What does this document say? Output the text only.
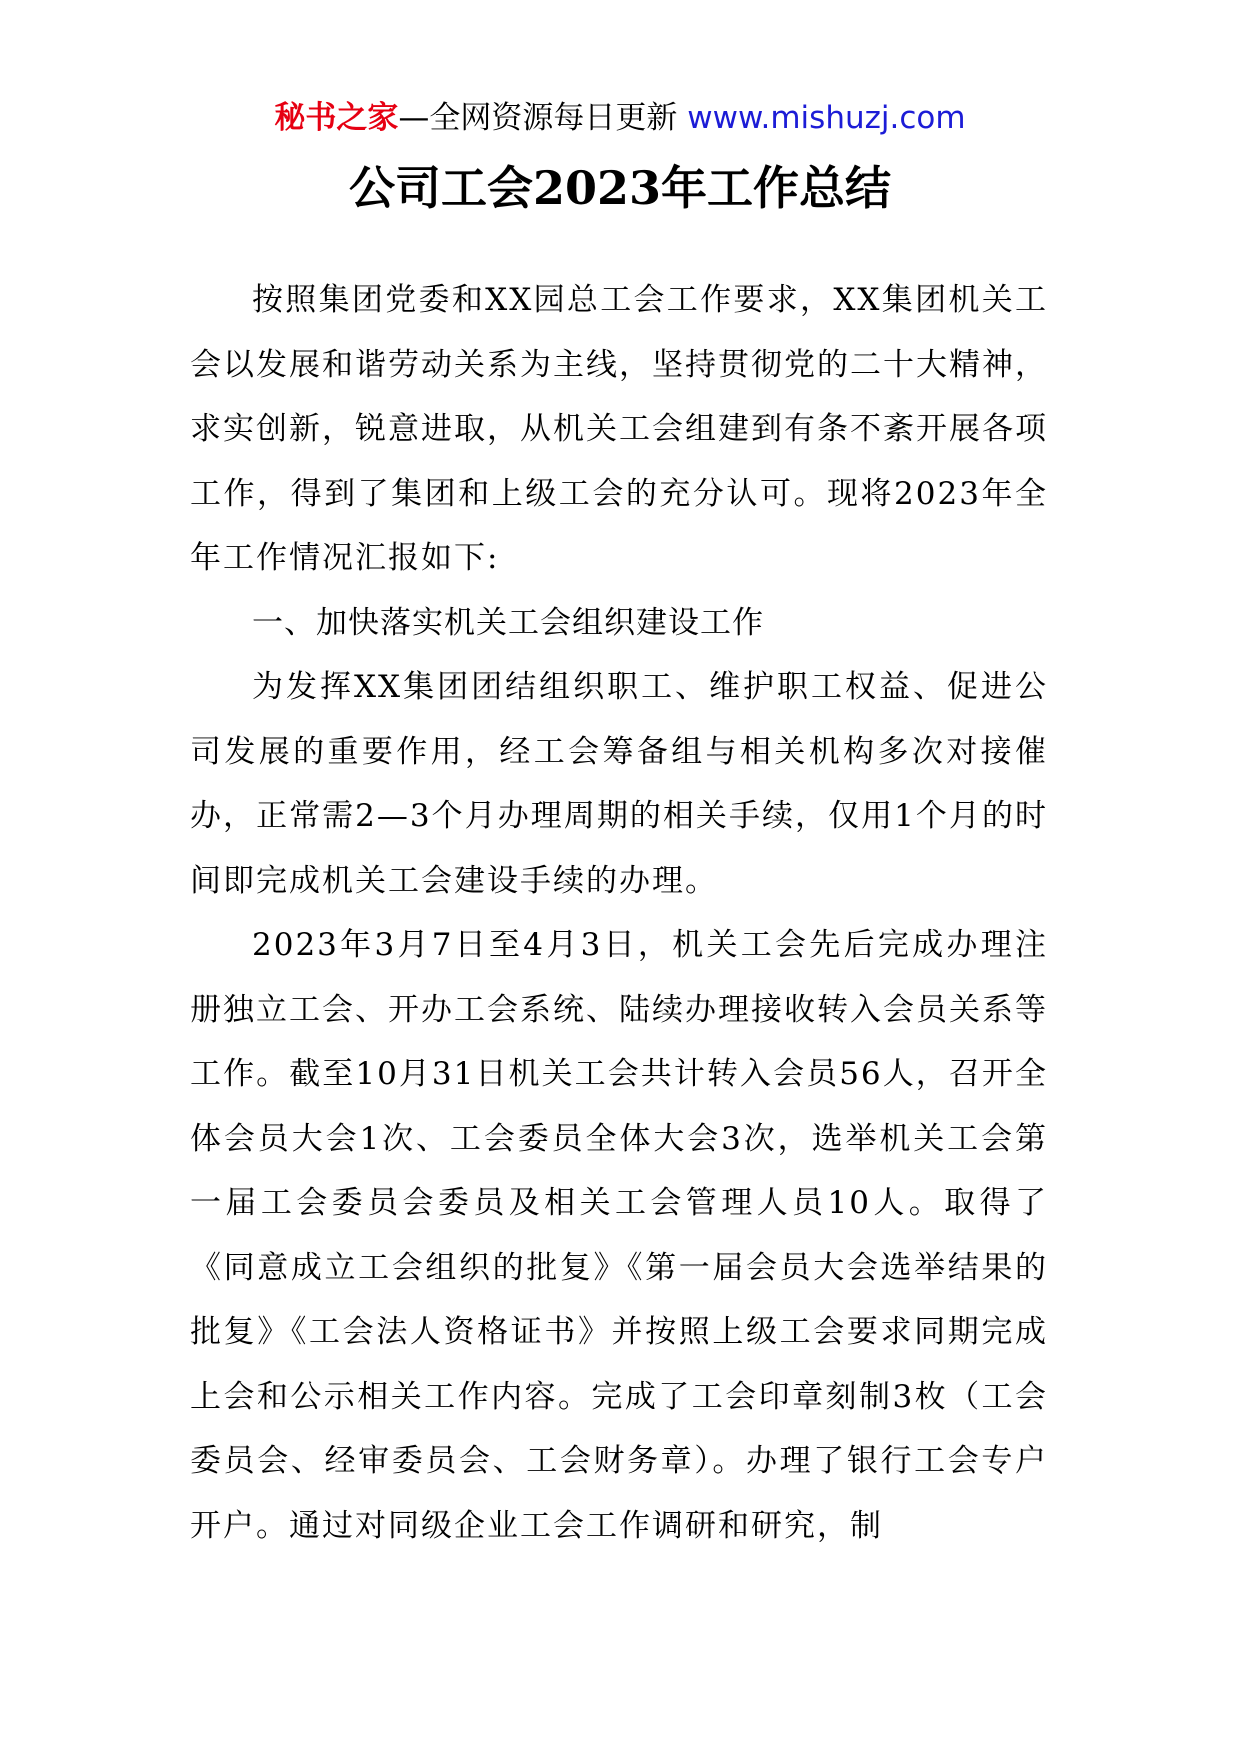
秘书之家—全网资源每日更新 www.mishuzj.com
公司工会2023年工作总结

按照集团党委和XX园总工会工作要求，XX集团机关工会以发展和谐劳动关系为主线，坚持贯彻党的二十大精神，求实创新，锐意进取，从机关工会组建到有条不紊开展各项工作，得到了集团和上级工会的充分认可。现将2023年全年工作情况汇报如下:

一、加快落实机关工会组织建设工作

为发挥XX集团团结组织职工、维护职工权益、促进公司发展的重要作用，经工会筹备组与相关机构多次对接催办，正常需2—3个月办理周期的相关手续，仅用1个月的时间即完成机关工会建设手续的办理。

2023年3月7日至4月3日，机关工会先后完成办理注册独立工会、开办工会系统、陆续办理接收转入会员关系等工作。截至10月31日机关工会共计转入会员56人，召开全体会员大会1次、工会委员全体大会3次，选举机关工会第一届工会委员会委员及相关工会管理人员10人。取得了《同意成立工会组织的批复》《第一届会员大会选举结果的批复》《工会法人资格证书》并按照上级工会要求同期完成上会和公示相关工作内容。完成了工会印章刻制3枚（工会委员会、经审委员会、工会财务章）。办理了银行工会专户开户。通过对同级企业工会工作调研和研究，制
